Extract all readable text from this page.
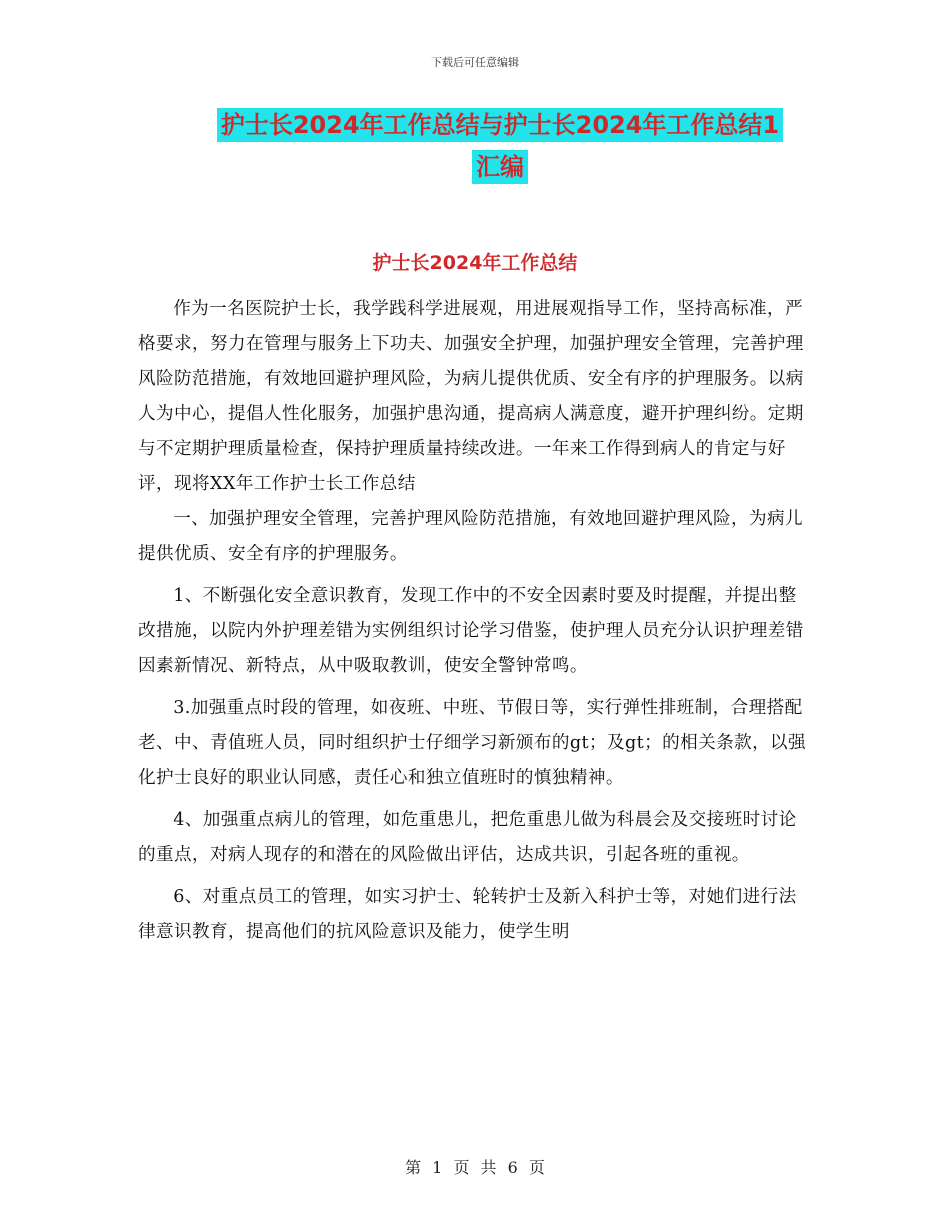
下载后可任意编辑
护士长2024年工作总结与护士长2024年工作总结1
汇编
护士长2024年工作总结

作为一名医院护士长，我学践科学进展观，用进展观指导工作，坚持高标准，严格要求，努力在管理与服务上下功夫、加强安全护理，加强护理安全管理，完善护理风险防范措施，有效地回避护理风险，为病儿提供优质、安全有序的护理服务。以病人为中心，提倡人性化服务，加强护患沟通，提高病人满意度，避开护理纠纷。定期与不定期护理质量检查，保持护理质量持续改进。一年来工作得到病人的肯定与好评，现将XX年工作护士长工作总结

一、加强护理安全管理，完善护理风险防范措施，有效地回避护理风险，为病儿提供优质、安全有序的护理服务。

1、不断强化安全意识教育，发现工作中的不安全因素时要及时提醒，并提出整改措施，以院内外护理差错为实例组织讨论学习借鉴，使护理人员充分认识护理差错因素新情况、新特点，从中吸取教训，使安全警钟常鸣。

3.加强重点时段的管理，如夜班、中班、节假日等，实行弹性排班制，合理搭配老、中、青值班人员，同时组织护士仔细学习新颁布的gt；及gt；的相关条款，以强化护士良好的职业认同感，责任心和独立值班时的慎独精神。

4、加强重点病儿的管理，如危重患儿，把危重患儿做为科晨会及交接班时讨论的重点，对病人现存的和潜在的风险做出评估，达成共识，引起各班的重视。

6、对重点员工的管理，如实习护士、轮转护士及新入科护士等，对她们进行法律意识教育，提高他们的抗风险意识及能力，使学生明

第 1 页 共 6 页
